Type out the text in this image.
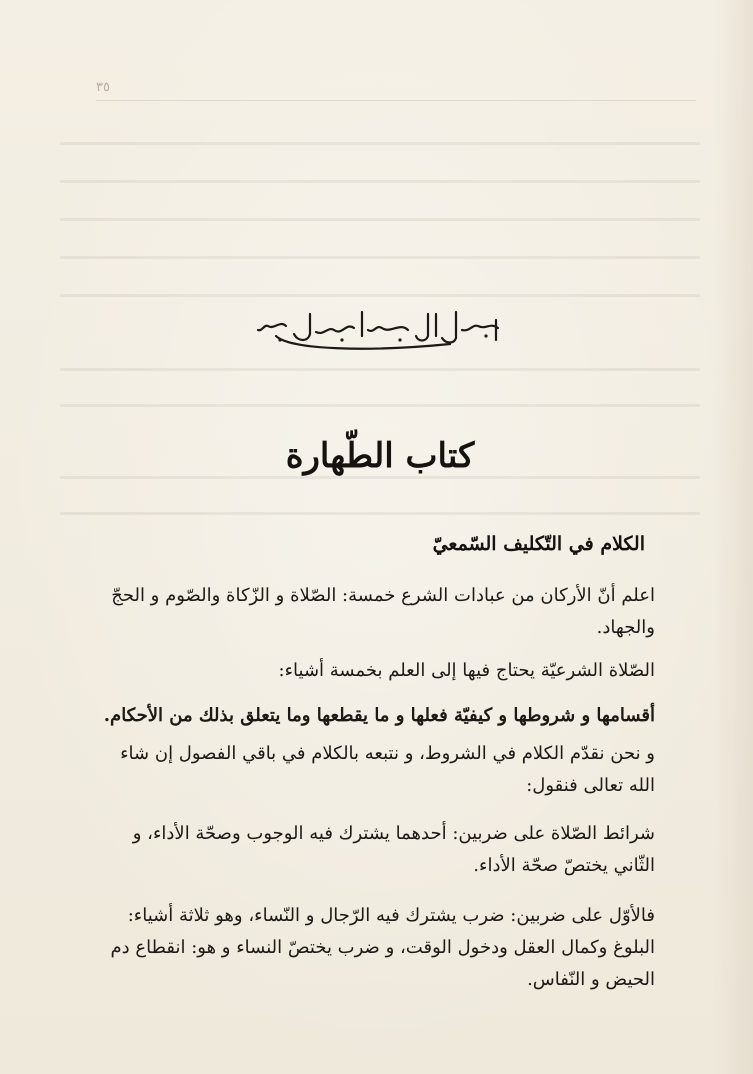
٣٥
كتاب الطّهارة
الكلام في التّكليف السّمعيّ
اعلم أنّ الأركان من عبادات الشرع خمسة: الصّلاة و الزّكاة والصّوم و الحجّ والجهاد.
الصّلاة الشرعيّة يحتاج فيها إلى العلم بخمسة أشياء:
أقسامها و شروطها و كيفيّة فعلها و ما يقطعها وما يتعلق بذلك من الأحكام.
و نحن نقدّم الكلام في الشروط، و نتبعه بالكلام في باقي الفصول إن شاء الله تعالى فنقول:
شرائط الصّلاة على ضربين: أحدهما يشترك فيه الوجوب وصحّة الأداء، و الثّاني يختصّ صحّة الأداء.
فالأوّل على ضربين: ضرب يشترك فيه الرّجال و النّساء، وهو ثلاثة أشياء: البلوغ وكمال العقل ودخول الوقت، و ضرب يختصّ النساء و هو: انقطاع دم الحيض و النّفاس.
